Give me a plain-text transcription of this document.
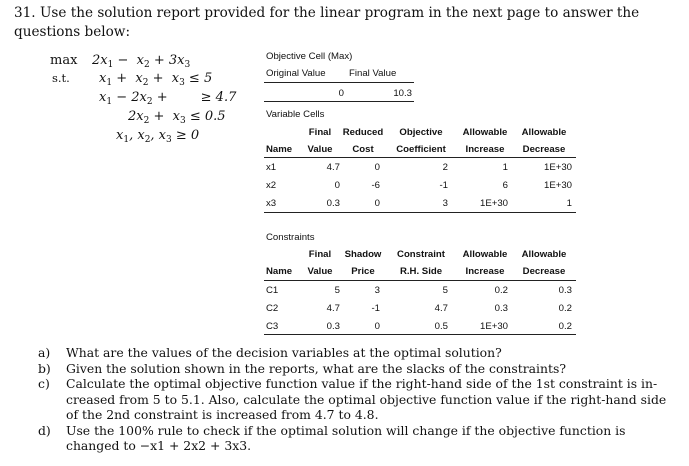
31. Use the solution report provided for the linear program in the next page to answer the questions below:
max
s.t.
$2x_1 - x_2 + 3x_3$
$x_1 + x_2 + x_3 \le 5$
$x_1 - 2x_2$ +        ≥ 4.7
$2x_2 + x_3 \le 0.5$
$x_1$, $x_2$, $x_3 \ge 0$
Objective Cell (Max)
Original Value Final Value
0	10.3
Variable Cells
Final	Reduced	Objective	Allowable	Allowable
Name	Value	Cost	Coefficient	Increase	Decrease
x1	4.7	0	2	1	1E+30
x2	0	-6	-1	6	1E+30
x3	0.3	0	3	1E+30	1
Constraints
Final	Shadow	Constraint	Allowable	Allowable
Name	Value	Price	R.H. Side	Increase	Decrease
C1	5	3	5	0.2	0.3
C2	4.7	-1	4.7	0.3	0.2
C3	0.3	0	0.5	1E+30	0.2
a) What are the values of the decision variables at the optimal solution?
b) Given the solution shown in the reports, what are the slacks of the constraints?
c) Calculate the optimal objective function value if the right-hand side of the 1st constraint is in-creased from 5 to 5.1. Also, calculate the optimal objective function value if the right-hand side of the 2nd constraint is increased from 4.7 to 4.8.
d) Use the 100% rule to check if the optimal solution will change if the objective function is changed to −x1 + 2x2 + 3x3.
